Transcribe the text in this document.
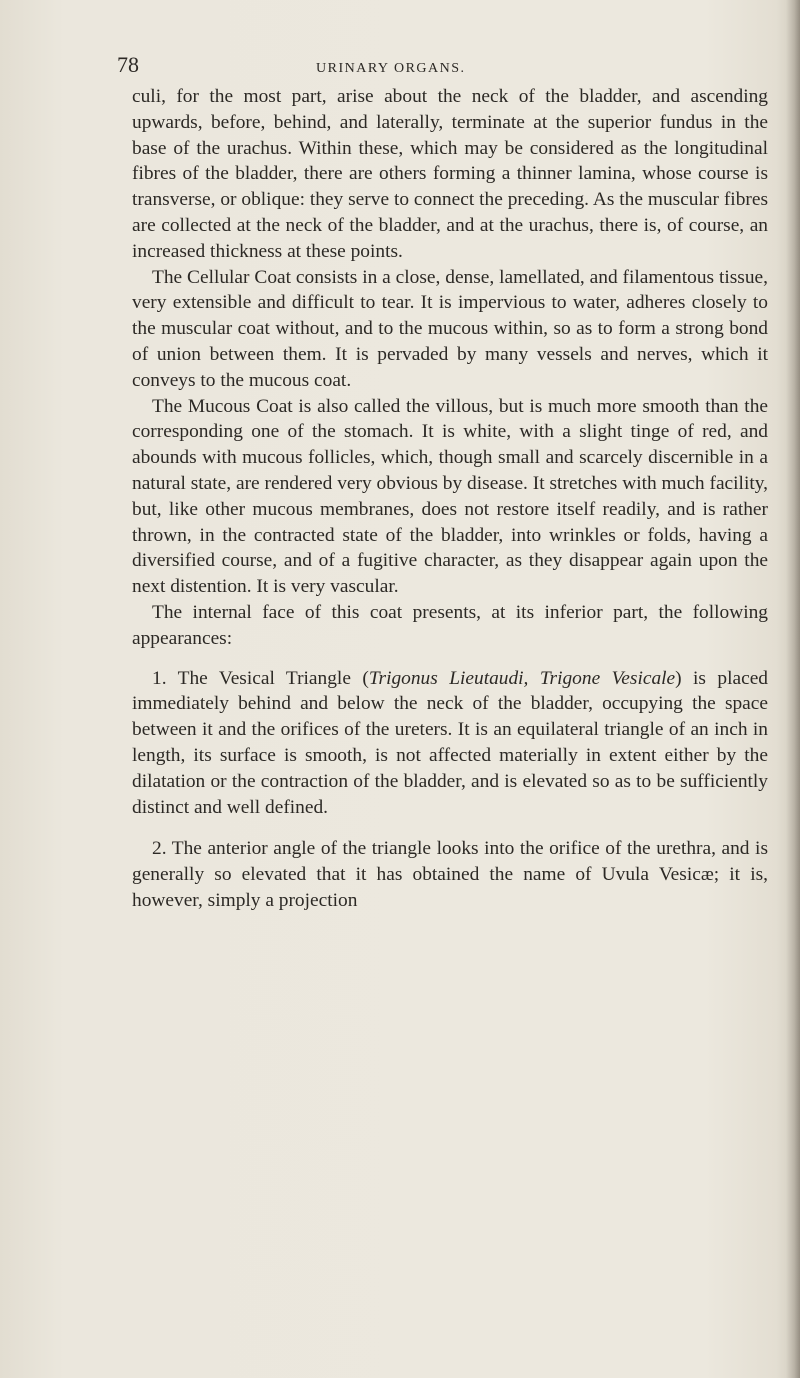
78	URINARY ORGANS.

culi, for the most part, arise about the neck of the bladder, and ascending upwards, before, behind, and laterally, terminate at the superior fundus in the base of the urachus. Within these, which may be considered as the longitudinal fibres of the bladder, there are others forming a thinner lamina, whose course is transverse, or oblique: they serve to connect the preceding. As the muscular fibres are collected at the neck of the bladder, and at the urachus, there is, of course, an increased thickness at these points.

The Cellular Coat consists in a close, dense, lamellated, and filamentous tissue, very extensible and difficult to tear. It is impervious to water, adheres closely to the muscular coat without, and to the mucous within, so as to form a strong bond of union between them. It is pervaded by many vessels and nerves, which it conveys to the mucous coat.

The Mucous Coat is also called the villous, but is much more smooth than the corresponding one of the stomach. It is white, with a slight tinge of red, and abounds with mucous follicles, which, though small and scarcely discernible in a natural state, are rendered very obvious by disease. It stretches with much facility, but, like other mucous membranes, does not restore itself readily, and is rather thrown, in the contracted state of the bladder, into wrinkles or folds, having a diversified course, and of a fugitive character, as they disappear again upon the next distention. It is very vascular.

The internal face of this coat presents, at its inferior part, the following appearances:

1. The Vesical Triangle (Trigonus Lieutaudi, Trigone Vesicale) is placed immediately behind and below the neck of the bladder, occupying the space between it and the orifices of the ureters. It is an equilateral triangle of an inch in length, its surface is smooth, is not affected materially in extent either by the dilatation or the contraction of the bladder, and is elevated so as to be sufficiently distinct and well defined.

2. The anterior angle of the triangle looks into the orifice of the urethra, and is generally so elevated that it has obtained the name of Uvula Vesicæ; it is, however, simply a projection
